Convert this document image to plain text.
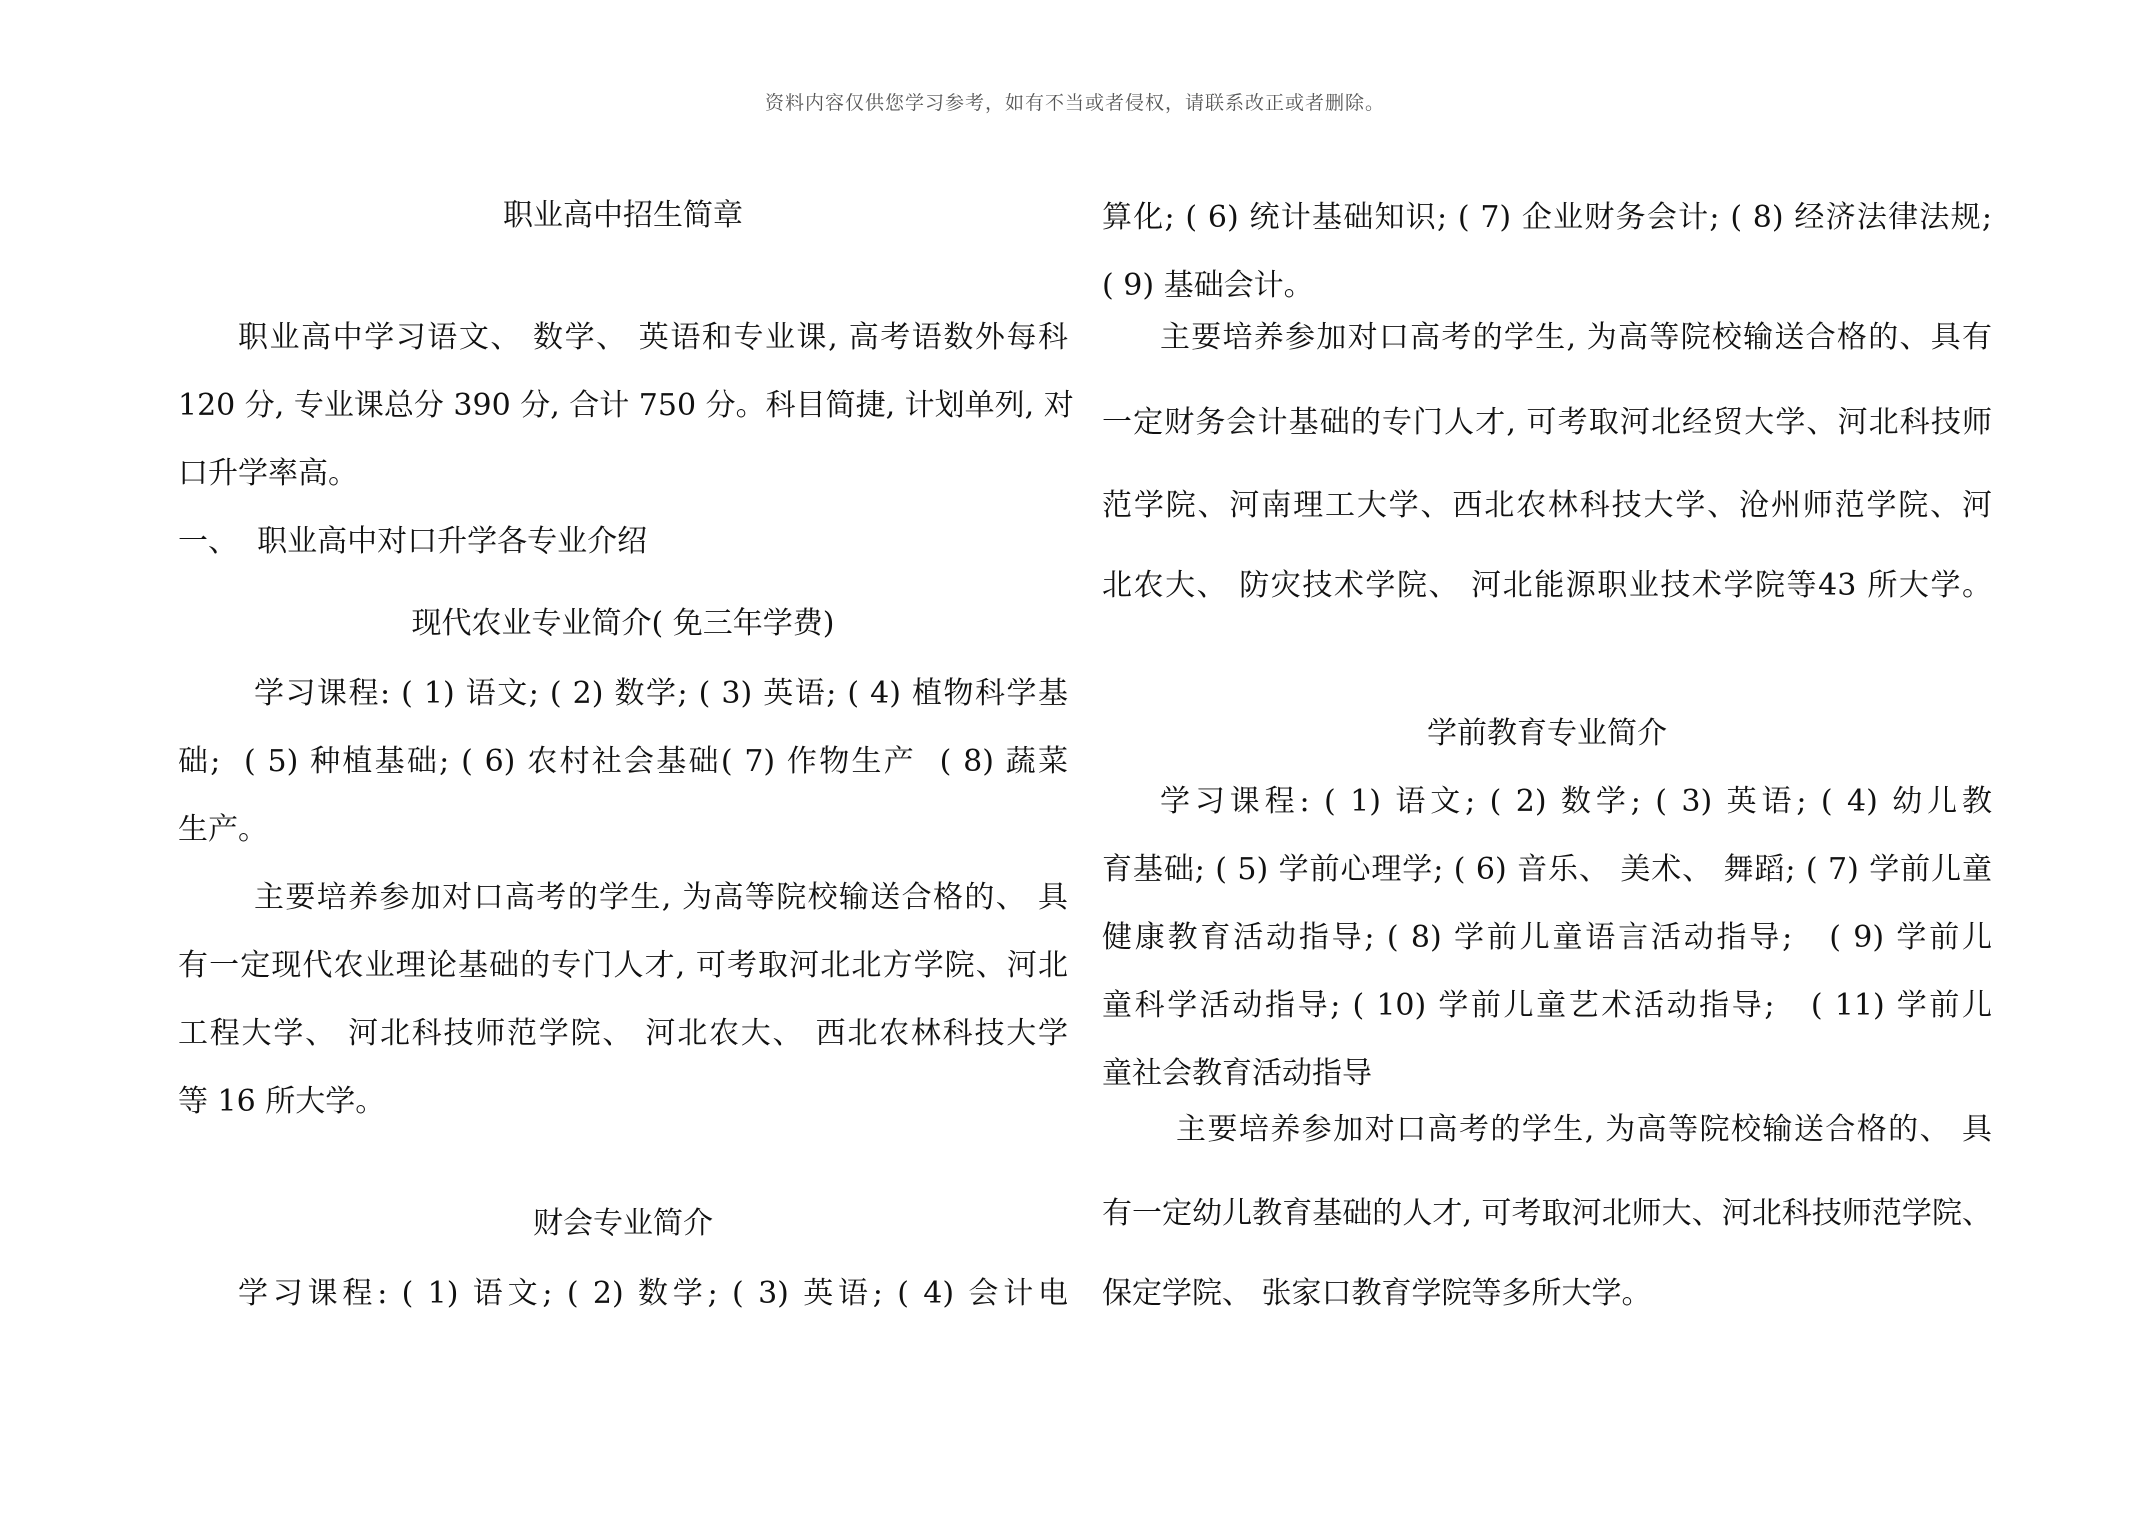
资料内容仅供您学习参考，如有不当或者侵权，请联系改正或者删除。
职业高中招生简章
职业高中学习语文、 数学、 英语和专业课, 高考语数外每科
120 分, 专业课总分 390 分, 合计 750 分。科目简捷, 计划单列, 对
口升学率高。
一、  职业高中对口升学各专业介绍
现代农业专业简介( 免三年学费)
学习课程: ( 1) 语文; ( 2) 数学; ( 3) 英语; ( 4) 植物科学基
础;  ( 5) 种植基础; ( 6) 农村社会基础( 7) 作物生产  ( 8) 蔬菜
生产。
主要培养参加对口高考的学生, 为高等院校输送合格的、 具
有一定现代农业理论基础的专门人才, 可考取河北北方学院、河北
工程大学、 河北科技师范学院、 河北农大、 西北农林科技大学
等 16 所大学。
财会专业简介
学习课程: ( 1) 语文; ( 2) 数学; ( 3) 英语; ( 4) 会计电
算化; ( 6) 统计基础知识; ( 7) 企业财务会计; ( 8) 经济法律法规;
( 9) 基础会计。
主要培养参加对口高考的学生, 为高等院校输送合格的、具有
一定财务会计基础的专门人才, 可考取河北经贸大学、河北科技师
范学院、河南理工大学、西北农林科技大学、沧州师范学院、河
北农大、 防灾技术学院、 河北能源职业技术学院等43 所大学。
学前教育专业简介
学习课程: ( 1) 语文; ( 2) 数学; ( 3) 英语; ( 4) 幼儿教
育基础; ( 5) 学前心理学; ( 6) 音乐、 美术、 舞蹈; ( 7) 学前儿童
健康教育活动指导; ( 8) 学前儿童语言活动指导;   ( 9) 学前儿
童科学活动指导; ( 10) 学前儿童艺术活动指导;   ( 11) 学前儿
童社会教育活动指导
主要培养参加对口高考的学生, 为高等院校输送合格的、 具
有一定幼儿教育基础的人才, 可考取河北师大、河北科技师范学院、
保定学院、 张家口教育学院等多所大学。
